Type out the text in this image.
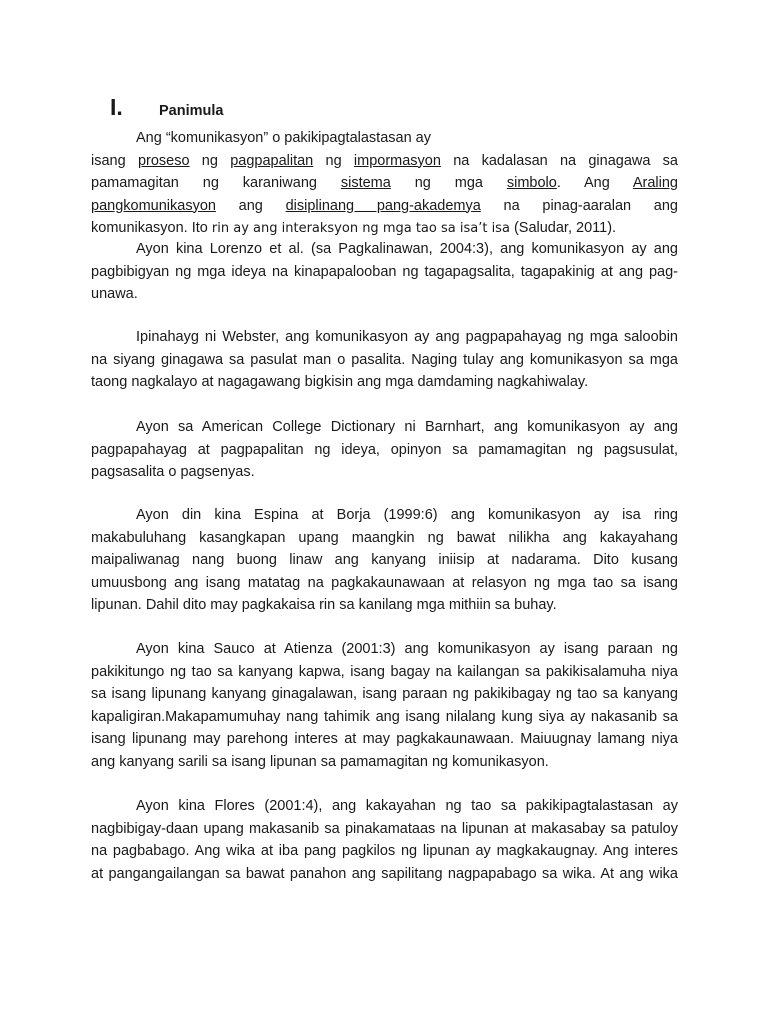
I.	Panimula
Ang “komunikasyon” o pakikipagtalastasan ay
isang proseso ng pagpapalitan ng impormasyon na kadalasan na ginagawa sa
pamamagitan ng karaniwang sistema ng mga simbolo. Ang Araling
pangkomunikasyon ang disiplinang pang-akademya na pinag-aaralan ang
komunikasyon. Ito rin ay ang interaksyon ng mga tao sa isa’t isa (Saludar, 2011).
Ayon kina Lorenzo et al. (sa Pagkalinawan, 2004:3), ang komunikasyon ay ang
pagbibigyan ng mga ideya na kinapapalooban ng tagapagsalita, tagapakinig at ang pag-
unawa.
Ipinahayg ni Webster, ang komunikasyon ay ang pagpapahayag ng mga saloobin
na siyang ginagawa sa pasulat man o pasalita. Naging tulay ang komunikasyon sa mga
taong nagkalayo at nagagawang bigkisin ang mga damdaming nagkahiwalay.
Ayon sa American College Dictionary ni Barnhart, ang komunikasyon ay ang
pagpapahayag at pagpapalitan ng ideya, opinyon sa pamamagitan ng pagsusulat,
pagsasalita o pagsenyas.
Ayon din kina Espina at Borja (1999:6) ang komunikasyon ay isa ring
makabuluhang kasangkapan upang maangkin ng bawat nilikha ang kakayahang
maipaliwanag nang buong linaw ang kanyang iniisip at nadarama. Dito kusang
umuusbong ang isang matatag na pagkakaunawaan at relasyon ng mga tao sa isang
lipunan. Dahil dito may pagkakaisa rin sa kanilang mga mithiin sa buhay.
Ayon kina Sauco at Atienza (2001:3) ang komunikasyon ay isang paraan ng
pakikitungo ng tao sa kanyang kapwa, isang bagay na kailangan sa pakikisalamuha niya
sa isang lipunang kanyang ginagalawan, isang paraan ng pakikibagay ng tao sa kanyang
kapaligiran.Makapamumuhay nang tahimik ang isang nilalang kung siya ay nakasanib sa
isang lipunang may parehong interes at may pagkakaunawaan. Maiuugnay lamang niya
ang kanyang sarili sa isang lipunan sa pamamagitan ng komunikasyon.
Ayon kina Flores (2001:4), ang kakayahan ng tao sa pakikipagtalastasan ay
nagbibigay-daan upang makasanib sa pinakamataas na lipunan at makasabay sa patuloy
na pagbabago. Ang wika at iba pang pagkilos ng lipunan ay magkakaugnay. Ang interes
at pangangailangan sa bawat panahon ang sapilitang nagpapabago sa wika. At ang wika
